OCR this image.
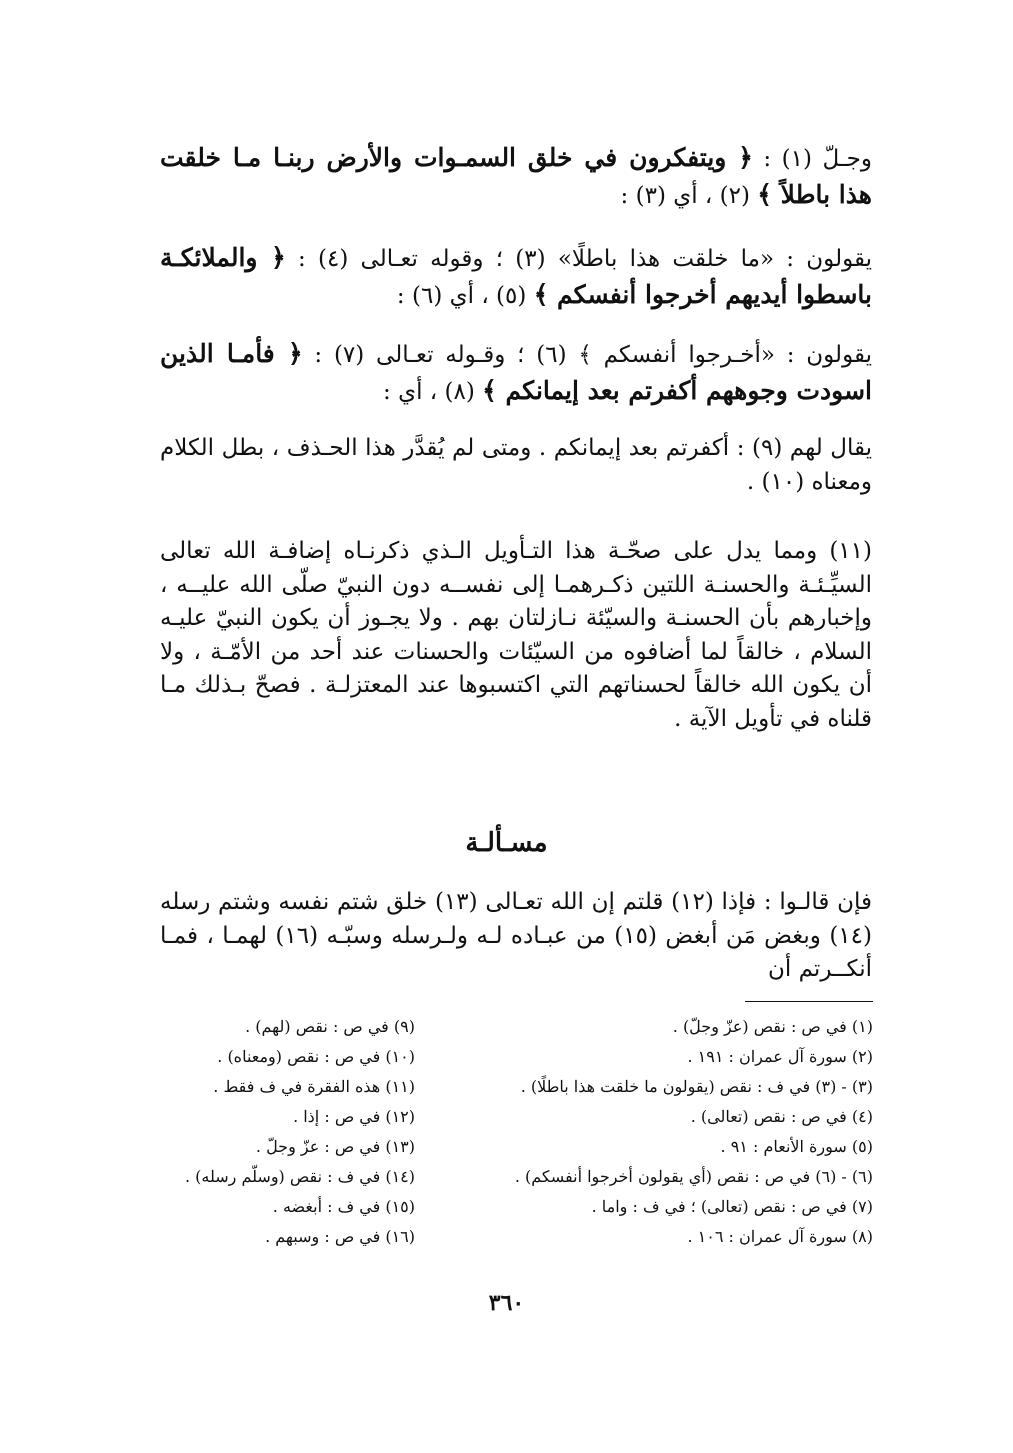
وجـلّ (١) : ﴿ ويتفكرون في خلق السمـوات والأرض ربنـا مـا خلقت هذا باطلاً ﴾ (٢) ، أي (٣) :
يقولون : «ما خلقت هذا باطلًا» (٣) ؛ وقوله تعـالى (٤) : ﴿ والملائكـة باسطوا أيديهم أخرجوا أنفسكم ﴾ (٥) ، أي (٦) :
يقولون : «أخـرجوا أنفسكم ﴾ (٦) ؛ وقـوله تعـالى (٧) : ﴿ فأمـا الذين اسودت وجوههم أكفرتم بعد إيمانكم ﴾ (٨) ، أي :
يقال لهم (٩) : أكفرتم بعد إيمانكم . ومتى لم يُقدَّر هذا الحـذف ، بطل الكلام ومعناه (١٠) .
(١١) ومما يدل على صحّـة هذا التـأويل الـذي ذكرنـاه إضافـة الله تعالى السيِّـئـة والحسنـة اللتين ذكـرهمـا إلى نفســه دون النبيّ صلّى الله عليــه ، وإخبارهم بأن الحسنـة والسيّئة نـازلتان بهم . ولا يجـوز أن يكون النبيّ عليـه السلام ، خالقاً لما أضافوه من السيّئات والحسنات عند أحد من الأمّـة ، ولا أن يكون الله خالقاً لحسناتهم التي اكتسبوها عند المعتزلـة . فصحّ بـذلك مـا قلناه في تأويل الآية .
مسـألـة
فإن قالـوا : فإذا (١٢) قلتم إن الله تعـالى (١٣) خلق شتم نفسه وشتم رسله (١٤) وبغض مَن أبغض (١٥) من عبـاده لـه ولـرسله وسبّـه (١٦) لهمـا ، فمـا أنكــرتم أن
(١) في ص : نقص (عزّ وجلّ) .
(٢) سورة آل عمران : ١٩١ .
(٣) - (٣) في ف : نقص (يقولون ما خلقت هذا باطلًا) .
(٤) في ص : نقص (تعالى) .
(٥) سورة الأنعام : ٩١ .
(٦) - (٦) في ص : نقص (أي يقولون أخرجوا أنفسكم) .
(٧) في ص : نقص (تعالى) ؛ في ف : واما .
(٨) سورة آل عمران : ١٠٦ .
(٩) في ص : نقص (لهم) .
(١٠) في ص : نقص (ومعناه) .
(١١) هذه الفقرة في ف فقط .
(١٢) في ص : إذا .
(١٣) في ص : عزّ وجلّ .
(١٤) في ف : نقص (وسلّم رسله) .
(١٥) في ف : أبغضه .
(١٦) في ص : وسبهم .
٣٦٠
